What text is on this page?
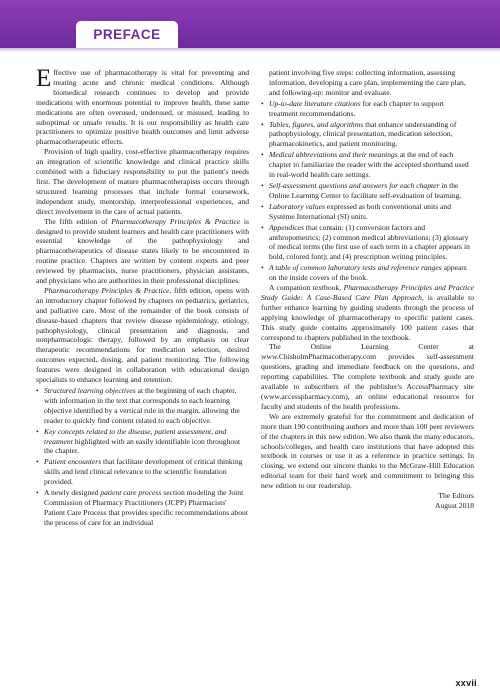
PREFACE

Effective use of pharmacotherapy is vital for preventing and treating acute and chronic medical conditions. Although biomedical research continues to develop and provide medications with enormous potential to improve health, these same medications are often overused, underused, or misused, leading to suboptimal or unsafe results. It is our responsibility as health care practitioners to optimize positive health outcomes and limit adverse pharmacotherapeutic effects.

Provision of high quality, cost-effective pharmacotherapy requires an integration of scientific knowledge and clinical practice skills combined with a fiduciary responsibility to put the patient's needs first. The development of mature pharmacotherapists occurs through structured learning processes that include formal coursework, independent study, mentorship, interprofessional experiences, and direct involvement in the care of actual patients.

The fifth edition of Pharmacotherapy Principles & Practice is designed to provide student learners and health care practitioners with essential knowledge of the pathophysiology and pharmacotherapeutics of disease states likely to be encountered in routine practice. Chapters are written by content experts and peer reviewed by pharmacists, nurse practitioners, physician assistants, and physicians who are authorities in their professional disciplines.

Pharmacotherapy Principles & Practice, fifth edition, opens with an introductory chapter followed by chapters on pediatrics, geriatrics, and palliative care. Most of the remainder of the book consists of disease-based chapters that review disease epidemiology, etiology, pathophysiology, clinical presentation and diagnosis, and nonpharmacologic therapy, followed by an emphasis on clear therapeutic recommendations for medication selection, desired outcomes expected, dosing, and patient monitoring. The following features were designed in collaboration with educational design specialists to enhance learning and retention:

• Structured learning objectives at the beginning of each chapter, with information in the text that corresponds to each learning objective identified by a vertical rule in the margin, allowing the reader to quickly find content related to each objective.
• Key concepts related to the disease, patient assessment, and treatment highlighted with an easily identifiable icon throughout the chapter.
• Patient encounters that facilitate development of critical thinking skills and lend clinical relevance to the scientific foundation provided.
• A newly designed patient care process section modeling the Joint Commission of Pharmacy Practitioners (JCPP) Pharmacists' Patient Care Process that provides specific recommendations about the process of care for an individual

patient involving five steps: collecting information, assessing information, developing a care plan, implementing the care plan, and following-up: monitor and evaluate.

• Up-to-date literature citations for each chapter to support treatment recommendations.
• Tables, figures, and algorithms that enhance understanding of pathophysiology, clinical presentation, medication selection, pharmacokinetics, and patient monitoring.
• Medical abbreviations and their meanings at the end of each chapter to familiarize the reader with the accepted shorthand used in real-world health care settings.
• Self-assessment questions and answers for each chapter in the Online Learning Center to facilitate self-evaluation of learning.
• Laboratory values expressed as both conventional units and Système International (SI) units.
• Appendices that contain: (1) conversion factors and anthropometrics; (2) common medical abbreviations; (3) glossary of medical terms (the first use of each term in a chapter appears in bold, colored font); and (4) prescription writing principles.
• A table of common laboratory tests and reference ranges appears on the inside covers of the book.

A companion textbook, Pharmacotherapy Principles and Practice Study Guide: A Case-Based Care Plan Approach, is available to further enhance learning by guiding students through the process of applying knowledge of pharmacotherapy to specific patient cases. This study guide contains approximately 100 patient cases that correspond to chapters published in the textbook.

The Online Learning Center at www.ChisholmPharmacotherapy.com provides self-assessment questions, grading and immediate feedback on the questions, and reporting capabilities. The complete textbook and study guide are available to subscribers of the publisher's AccessPharmacy site (www.accesspharmacy.com), an online educational resource for faculty and students of the health professions.

We are extremely grateful for the commitment and dedication of more than 190 contributing authors and more than 100 peer reviewers of the chapters in this new edition. We also thank the many educators, schools/colleges, and health care institutions that have adopted this textbook in courses or use it as a reference in practice settings. In closing, we extend our sincere thanks to the McGraw-Hill Education editorial team for their hard work and commitment to bringing this new edition to our readership.

The Editors

August 2018

xxvii
